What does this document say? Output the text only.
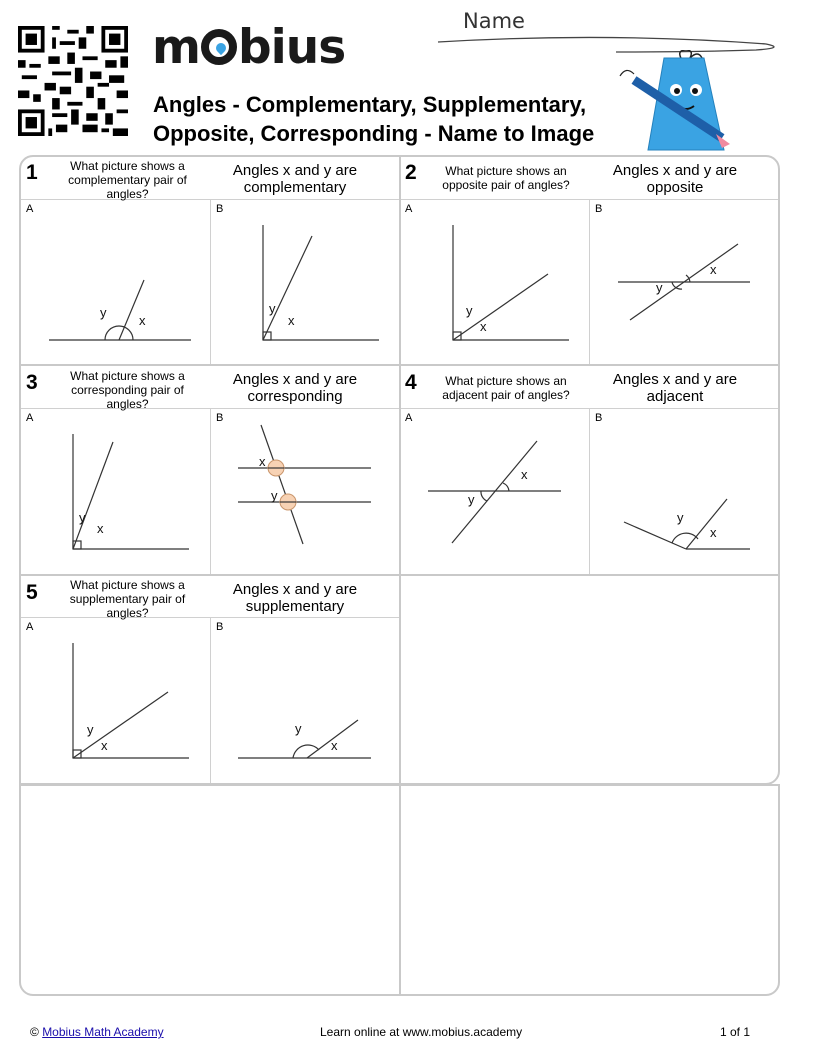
m bius
Angles - Complementary, Supplementary, Opposite, Corresponding - Name to Image
Name
1	What picture shows a complementary pair of angles?
Angles x and y are complementary
A	B
y
x
y
x
2	What picture shows an opposite pair of angles?
Angles x and y are opposite
A	B
y
x
y
x
3	What picture shows a corresponding pair of angles?
Angles x and y are corresponding
A	B
y
x
x
y
4	What picture shows an adjacent pair of angles?
Angles x and y are adjacent
A	B
y
x
y
x
5	What picture shows a supplementary pair of angles?
Angles x and y are supplementary
A	B
y
x
y
x
© Mobius Math Academy	Learn online at www.mobius.academy	1 of 1
